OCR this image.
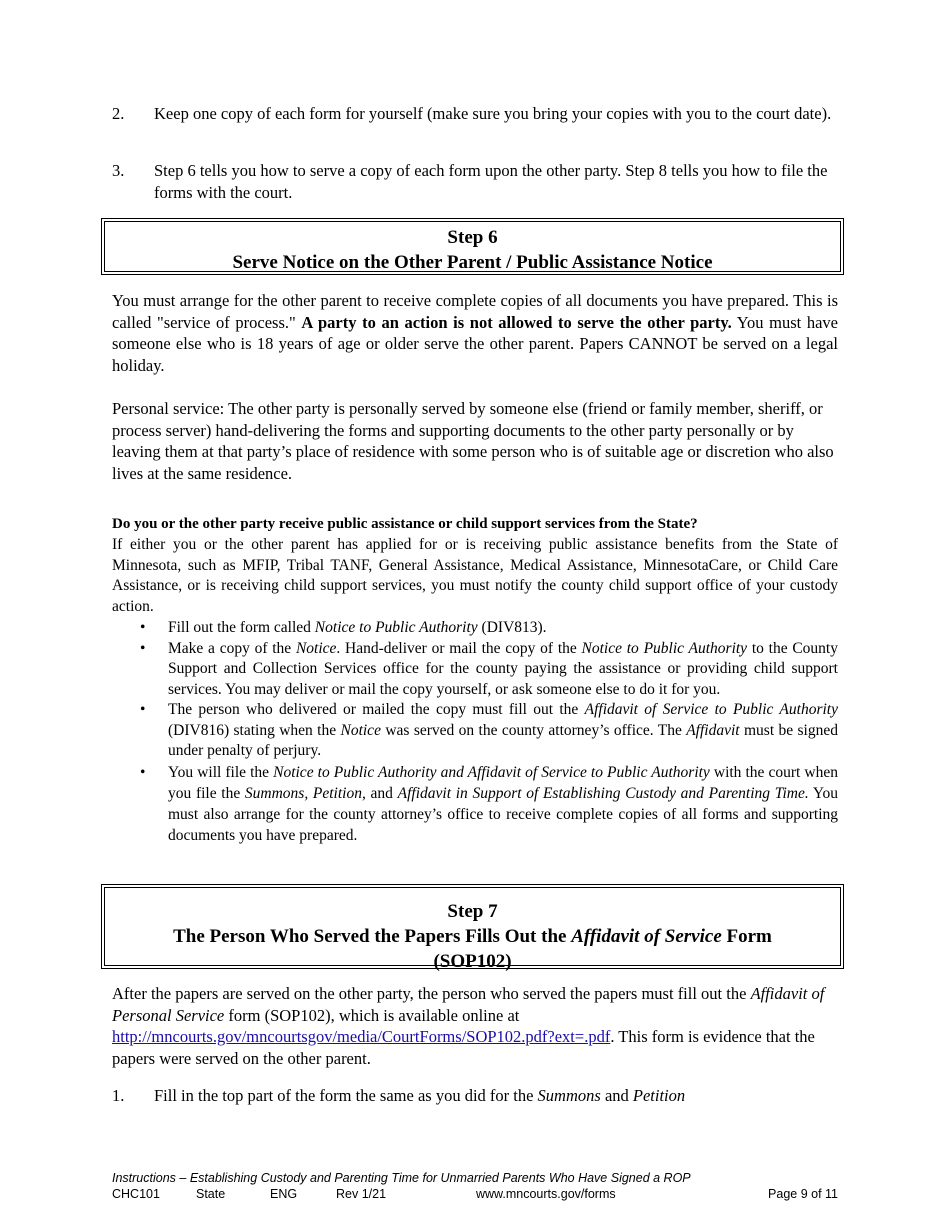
2. Keep one copy of each form for yourself (make sure you bring your copies with you to the court date).
3. Step 6 tells you how to serve a copy of each form upon the other party. Step 8 tells you how to file the forms with the court.
Step 6
Serve Notice on the Other Parent / Public Assistance Notice
You must arrange for the other parent to receive complete copies of all documents you have prepared. This is called "service of process." A party to an action is not allowed to serve the other party. You must have someone else who is 18 years of age or older serve the other parent. Papers CANNOT be served on a legal holiday.
Personal service: The other party is personally served by someone else (friend or family member, sheriff, or process server) hand-delivering the forms and supporting documents to the other party personally or by leaving them at that party’s place of residence with some person who is of suitable age or discretion who also lives at the same residence.
Do you or the other party receive public assistance or child support services from the State?
If either you or the other parent has applied for or is receiving public assistance benefits from the State of Minnesota, such as MFIP, Tribal TANF, General Assistance, Medical Assistance, MinnesotaCare, or Child Care Assistance, or is receiving child support services, you must notify the county child support office of your custody action.
• Fill out the form called Notice to Public Authority (DIV813).
• Make a copy of the Notice. Hand-deliver or mail the copy of the Notice to Public Authority to the County Support and Collection Services office for the county paying the assistance or providing child support services. You may deliver or mail the copy yourself, or ask someone else to do it for you.
• The person who delivered or mailed the copy must fill out the Affidavit of Service to Public Authority (DIV816) stating when the Notice was served on the county attorney’s office. The Affidavit must be signed under penalty of perjury.
• You will file the Notice to Public Authority and Affidavit of Service to Public Authority with the court when you file the Summons, Petition, and Affidavit in Support of Establishing Custody and Parenting Time. You must also arrange for the county attorney’s office to receive complete copies of all forms and supporting documents you have prepared.
Step 7
The Person Who Served the Papers Fills Out the Affidavit of Service Form
(SOP102)
After the papers are served on the other party, the person who served the papers must fill out the Affidavit of Personal Service form (SOP102), which is available online at
http://mncourts.gov/mncourtsgov/media/CourtForms/SOP102.pdf?ext=.pdf. This form is evidence that the papers were served on the other parent.
1. Fill in the top part of the form the same as you did for the Summons and Petition
Instructions – Establishing Custody and Parenting Time for Unmarried Parents Who Have Signed a ROP
CHC101	State	ENG	Rev 1/21	www.mncourts.gov/forms	Page 9 of 11
